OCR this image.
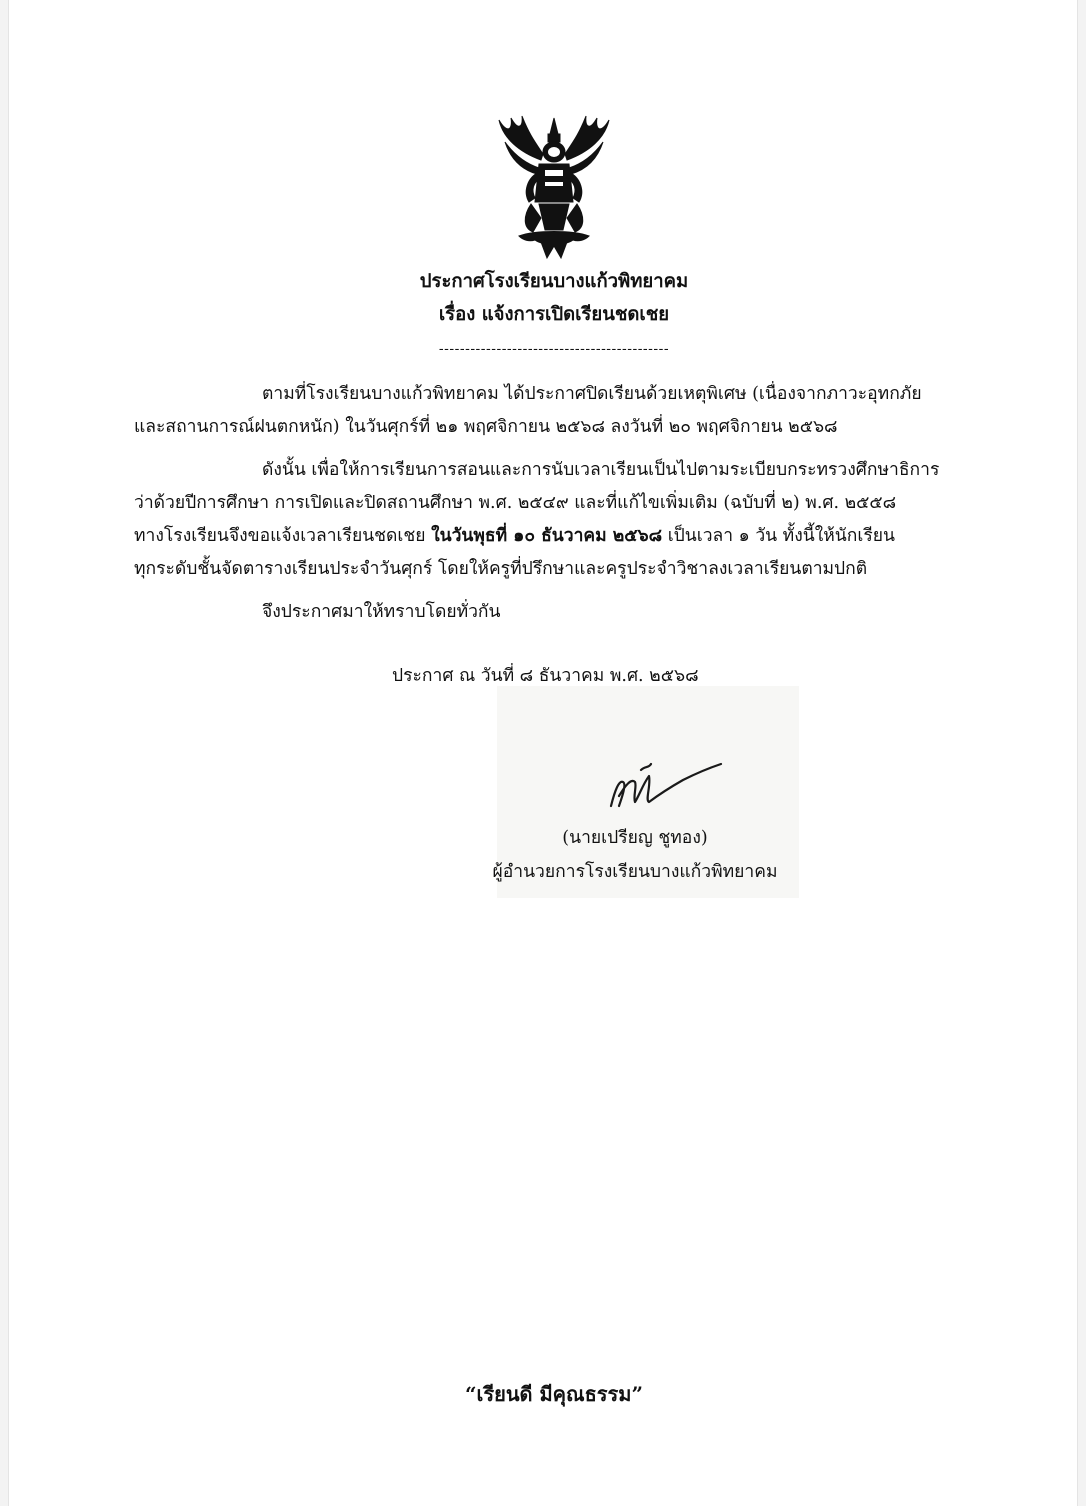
ประกาศโรงเรียนบางแก้วพิทยาคม
เรื่อง แจ้งการเปิดเรียนชดเชย
--------------------------------------------
ตามที่โรงเรียนบางแก้วพิทยาคม ได้ประกาศปิดเรียนด้วยเหตุพิเศษ (เนื่องจากภาวะอุทกภัย
และสถานการณ์ฝนตกหนัก) ในวันศุกร์ที่ ๒๑ พฤศจิกายน ๒๕๖๘ ลงวันที่ ๒๐ พฤศจิกายน ๒๕๖๘
ดังนั้น เพื่อให้การเรียนการสอนและการนับเวลาเรียนเป็นไปตามระเบียบกระทรวงศึกษาธิการ
ว่าด้วยปีการศึกษา การเปิดและปิดสถานศึกษา พ.ศ. ๒๕๔๙ และที่แก้ไขเพิ่มเติม (ฉบับที่ ๒) พ.ศ. ๒๕๕๘
ทางโรงเรียนจึงขอแจ้งเวลาเรียนชดเชย ในวันพุธที่ ๑๐ ธันวาคม ๒๕๖๘ เป็นเวลา ๑ วัน ทั้งนี้ให้นักเรียน
ทุกระดับชั้นจัดตารางเรียนประจำวันศุกร์ โดยให้ครูที่ปรึกษาและครูประจำวิชาลงเวลาเรียนตามปกติ
จึงประกาศมาให้ทราบโดยทั่วกัน
ประกาศ ณ วันที่ ๘ ธันวาคม พ.ศ. ๒๕๖๘
(นายเปรียญ ชูทอง)
ผู้อำนวยการโรงเรียนบางแก้วพิทยาคม
“เรียนดี มีคุณธรรม”
